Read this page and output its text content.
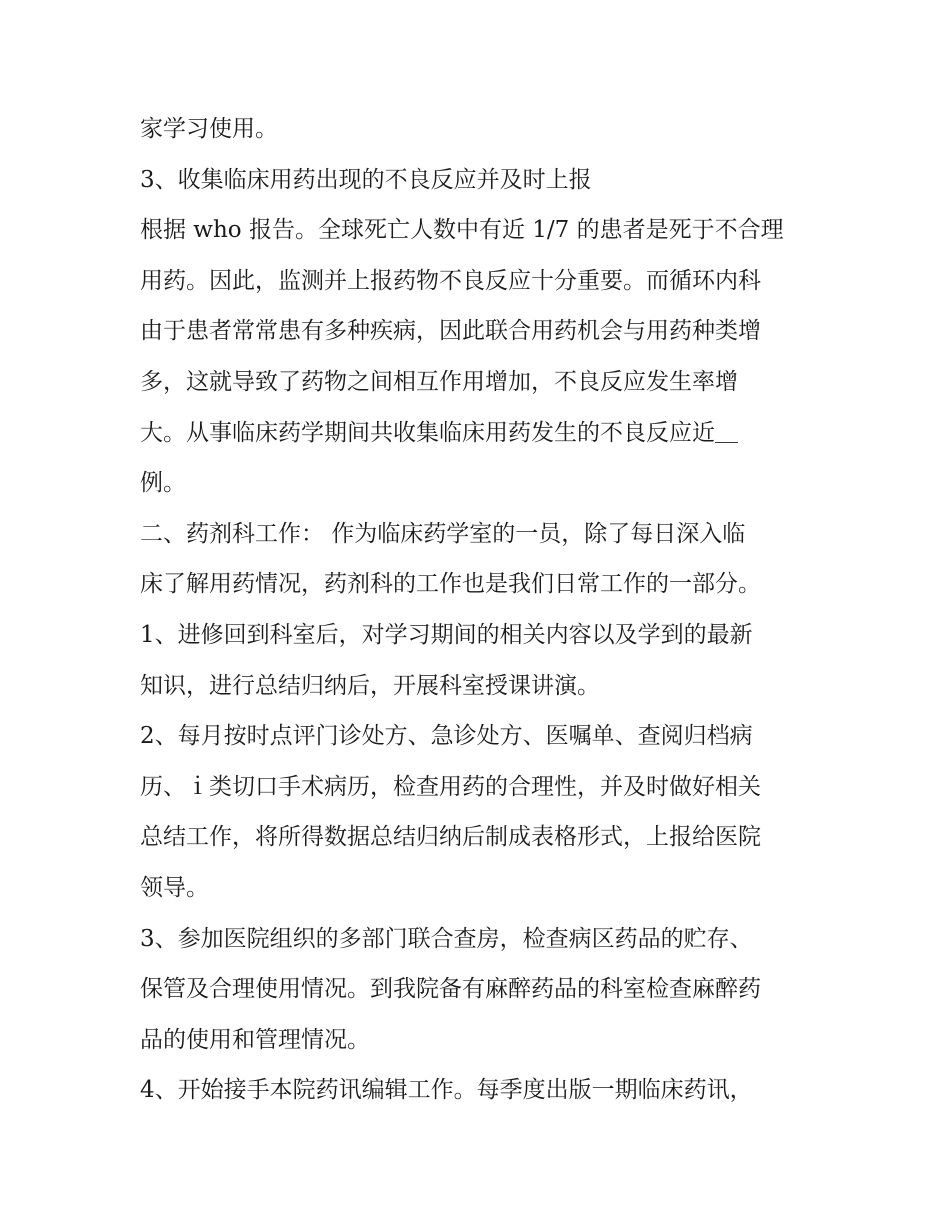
家学习使用。
3、收集临床用药出现的不良反应并及时上报
根据 who 报告。全球死亡人数中有近 1/7 的患者是死于不合理
用药。因此，监测并上报药物不良反应十分重要。而循环内科
由于患者常常患有多种疾病，因此联合用药机会与用药种类增
多，这就导致了药物之间相互作用增加，不良反应发生率增
大。从事临床药学期间共收集临床用药发生的不良反应近＿
例。
二、药剂科工作： 作为临床药学室的一员，除了每日深入临
床了解用药情况，药剂科的工作也是我们日常工作的一部分。
1、进修回到科室后，对学习期间的相关内容以及学到的最新
知识，进行总结归纳后，开展科室授课讲演。
2、每月按时点评门诊处方、急诊处方、医嘱单、查阅归档病
历、ｉ类切口手术病历，检查用药的合理性，并及时做好相关
总结工作，将所得数据总结归纳后制成表格形式，上报给医院
领导。
3、参加医院组织的多部门联合查房，检查病区药品的贮存、
保管及合理使用情况。到我院备有麻醉药品的科室检查麻醉药
品的使用和管理情况。
4、开始接手本院药讯编辑工作。每季度出版一期临床药讯，
